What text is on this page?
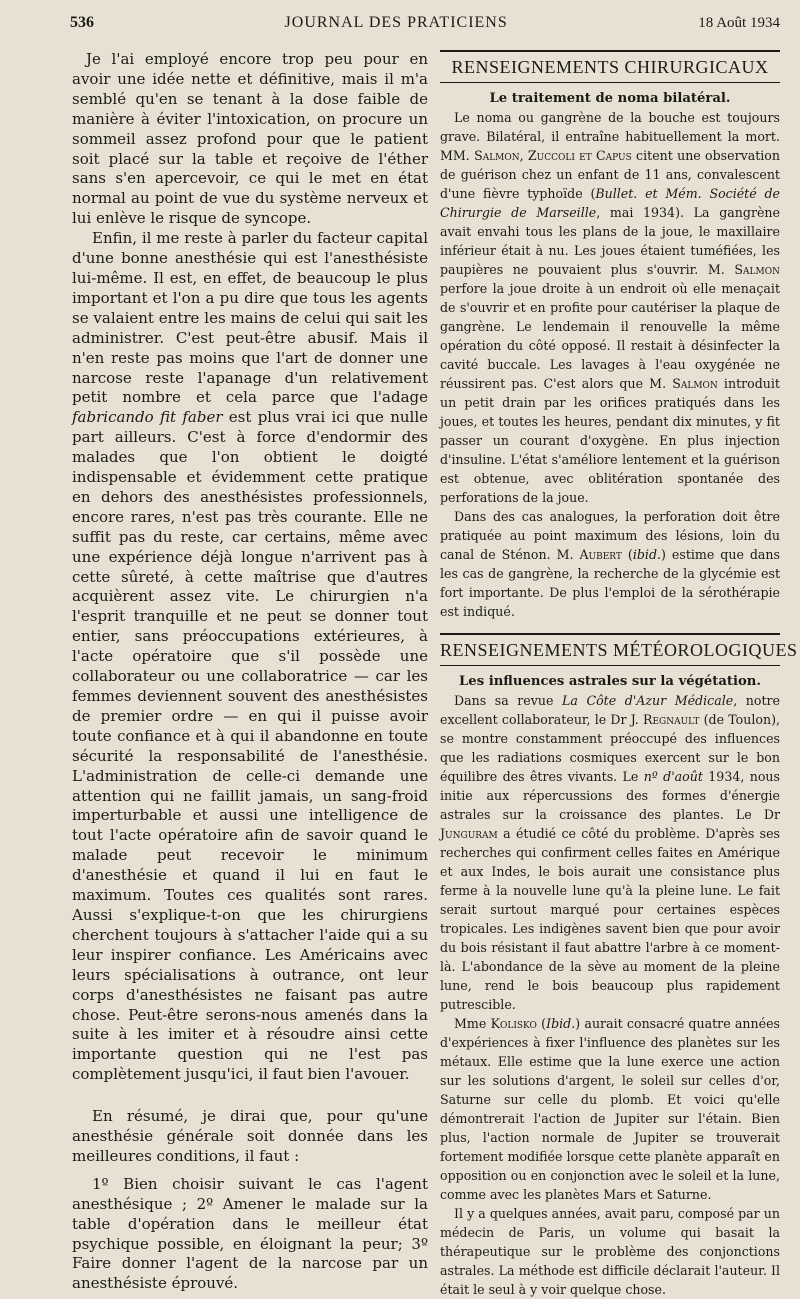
536	JOURNAL DES PRATICIENS	18 Août 1934

Je l'ai employé encore trop peu pour en avoir une idée nette et définitive, mais il m'a semblé qu'en se tenant à la dose faible de manière à éviter l'intoxication, on procure un sommeil assez profond pour que le patient soit placé sur la table et reçoive de l'éther sans s'en apercevoir, ce qui le met en état normal au point de vue du système nerveux et lui enlève le risque de syncope.

Enfin, il me reste à parler du facteur capital d'une bonne anesthésie qui est l'anesthésiste lui-même. Il est, en effet, de beaucoup le plus important et l'on a pu dire que tous les agents se valaient entre les mains de celui qui sait les administrer. C'est peut-être abusif. Mais il n'en reste pas moins que l'art de donner une narcose reste l'apanage d'un relativement petit nombre et cela parce que l'adage fabricando fit faber est plus vrai ici que nulle part ailleurs. C'est à force d'endormir des malades que l'on obtient le doigté indispensable et évidemment cette pratique en dehors des anesthésistes professionnels, encore rares, n'est pas très courante. Elle ne suffit pas du reste, car certains, même avec une expérience déjà longue n'arrivent pas à cette sûreté, à cette maîtrise que d'autres acquièrent assez vite. Le chirurgien n'a l'esprit tranquille et ne peut se donner tout entier, sans préoccupations extérieures, à l'acte opératoire que s'il possède une collaborateur ou une collaboratrice — car les femmes deviennent souvent des anesthésistes de premier ordre — en qui il puisse avoir toute confiance et à qui il abandonne en toute sécurité la responsabilité de l'anesthésie. L'administration de celle-ci demande une attention qui ne faillit jamais, un sang-froid imperturbable et aussi une intelligence de tout l'acte opératoire afin de savoir quand le malade peut recevoir le minimum d'anesthésie et quand il lui en faut le maximum. Toutes ces qualités sont rares. Aussi s'explique-t-on que les chirurgiens cherchent toujours à s'attacher l'aide qui a su leur inspirer confiance. Les Américains avec leurs spécialisations à outrance, ont leur corps d'anesthésistes ne faisant pas autre chose. Peut-être serons-nous amenés dans la suite à les imiter et à résoudre ainsi cette importante question qui ne l'est pas complètement jusqu'ici, il faut bien l'avouer.

En résumé, je dirai que, pour qu'une anesthésie générale soit donnée dans les meilleures conditions, il faut :

1º Bien choisir suivant le cas l'agent anesthésique ; 2º Amener le malade sur la table d'opération dans le meilleur état psychique possible, en éloignant la peur; 3º Faire donner l'agent de la narcose par un anesthésiste éprouvé.

RENSEIGNEMENTS CHIRURGICAUX

Le traitement de noma bilatéral.

Le noma ou gangrène de la bouche est toujours grave. Bilatéral, il entraîne habituellement la mort. MM. Salmon, Zuccoli et Capus citent une observation de guérison chez un enfant de 11 ans, convalescent d'une fièvre typhoïde (Bullet. et Mém. Société de Chirurgie de Marseille, mai 1934). La gangrène avait envahi tous les plans de la joue, le maxillaire inférieur était à nu. Les joues étaient tuméfiées, les paupières ne pouvaient plus s'ouvrir. M. Salmon perfore la joue droite à un endroit où elle menaçait de s'ouvrir et en profite pour cautériser la plaque de gangrène. Le lendemain il renouvelle la même opération du côté opposé. Il restait à désinfecter la cavité buccale. Les lavages à l'eau oxygénée ne réussirent pas. C'est alors que M. Salmon introduit un petit drain par les orifices pratiqués dans les joues, et toutes les heures, pendant dix minutes, y fit passer un courant d'oxygène. En plus injection d'insuline. L'état s'améliore lentement et la guérison est obtenue, avec oblitération spontanée des perforations de la joue.

Dans des cas analogues, la perforation doit être pratiquée au point maximum des lésions, loin du canal de Sténon. M. Aubert (ibid.) estime que dans les cas de gangrène, la recherche de la glycémie est fort importante. De plus l'emploi de la sérothérapie est indiqué.

RENSEIGNEMENTS MÉTÉOROLOGIQUES

Les influences astrales sur la végétation.

Dans sa revue La Côte d'Azur Médicale, notre excellent collaborateur, le Dr J. Regnault (de Toulon), se montre constamment préoccupé des influences que les radiations cosmiques exercent sur le bon équilibre des êtres vivants. Le nº d'août 1934, nous initie aux répercussions des formes d'énergie astrales sur la croissance des plantes. Le Dr Junguram a étudié ce côté du problème. D'après ses recherches qui confirment celles faites en Amérique et aux Indes, le bois aurait une consistance plus ferme à la nouvelle lune qu'à la pleine lune. Le fait serait surtout marqué pour certaines espèces tropicales. Les indigènes savent bien que pour avoir du bois résistant il faut abattre l'arbre à ce moment-là. L'abondance de la sève au moment de la pleine lune, rend le bois beaucoup plus rapidement putrescible.

Mme Kolisko (Ibid.) aurait consacré quatre années d'expériences à fixer l'influence des planètes sur les métaux. Elle estime que la lune exerce une action sur les solutions d'argent, le soleil sur celles d'or, Saturne sur celle du plomb. Et voici qu'elle démontrerait l'action de Jupiter sur l'étain. Bien plus, l'action normale de Jupiter se trouverait fortement modifiée lorsque cette planète apparaît en opposition ou en conjonction avec le soleil et la lune, comme avec les planètes Mars et Saturne.

Il y a quelques années, avait paru, composé par un médecin de Paris, un volume qui basait la thérapeutique sur le problème des conjonctions astrales. La méthode est difficile déclarait l'auteur. Il était le seul à y voir quelque chose.
